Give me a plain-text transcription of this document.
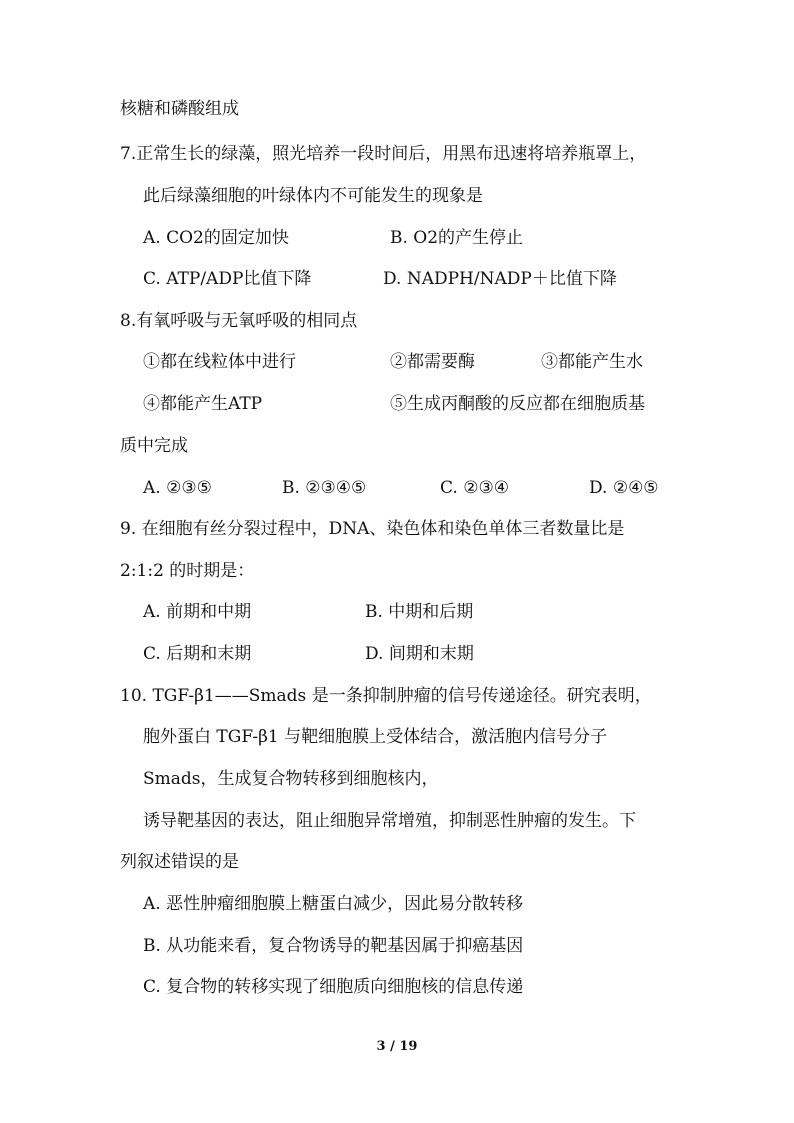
核糖和磷酸组成
7.正常生长的绿藻，照光培养一段时间后，用黑布迅速将培养瓶罩上，
此后绿藻细胞的叶绿体内不可能发生的现象是
A. CO2的固定加快	B. O2的产生停止
C. ATP/ADP比值下降	D. NADPH/NADP＋比值下降
8.有氧呼吸与无氧呼吸的相同点
①都在线粒体中进行	②都需要酶	③都能产生水
④都能产生ATP	⑤生成丙酮酸的反应都在细胞质基
质中完成
A. ②③⑤	B. ②③④⑤	C. ②③④	D. ②④⑤
9. 在细胞有丝分裂过程中，DNA、染色体和染色单体三者数量比是
2:1:2 的时期是：
A. 前期和中期	B. 中期和后期
C. 后期和末期	D. 间期和末期
10. TGF-β1——Smads 是一条抑制肿瘤的信号传递途径。研究表明，
胞外蛋白 TGF-β1 与靶细胞膜上受体结合，激活胞内信号分子
Smads，生成复合物转移到细胞核内，
诱导靶基因的表达，阻止细胞异常增殖，抑制恶性肿瘤的发生。下
列叙述错误的是
A. 恶性肿瘤细胞膜上糖蛋白减少，因此易分散转移
B. 从功能来看，复合物诱导的靶基因属于抑癌基因
C. 复合物的转移实现了细胞质向细胞核的信息传递
3 / 19
